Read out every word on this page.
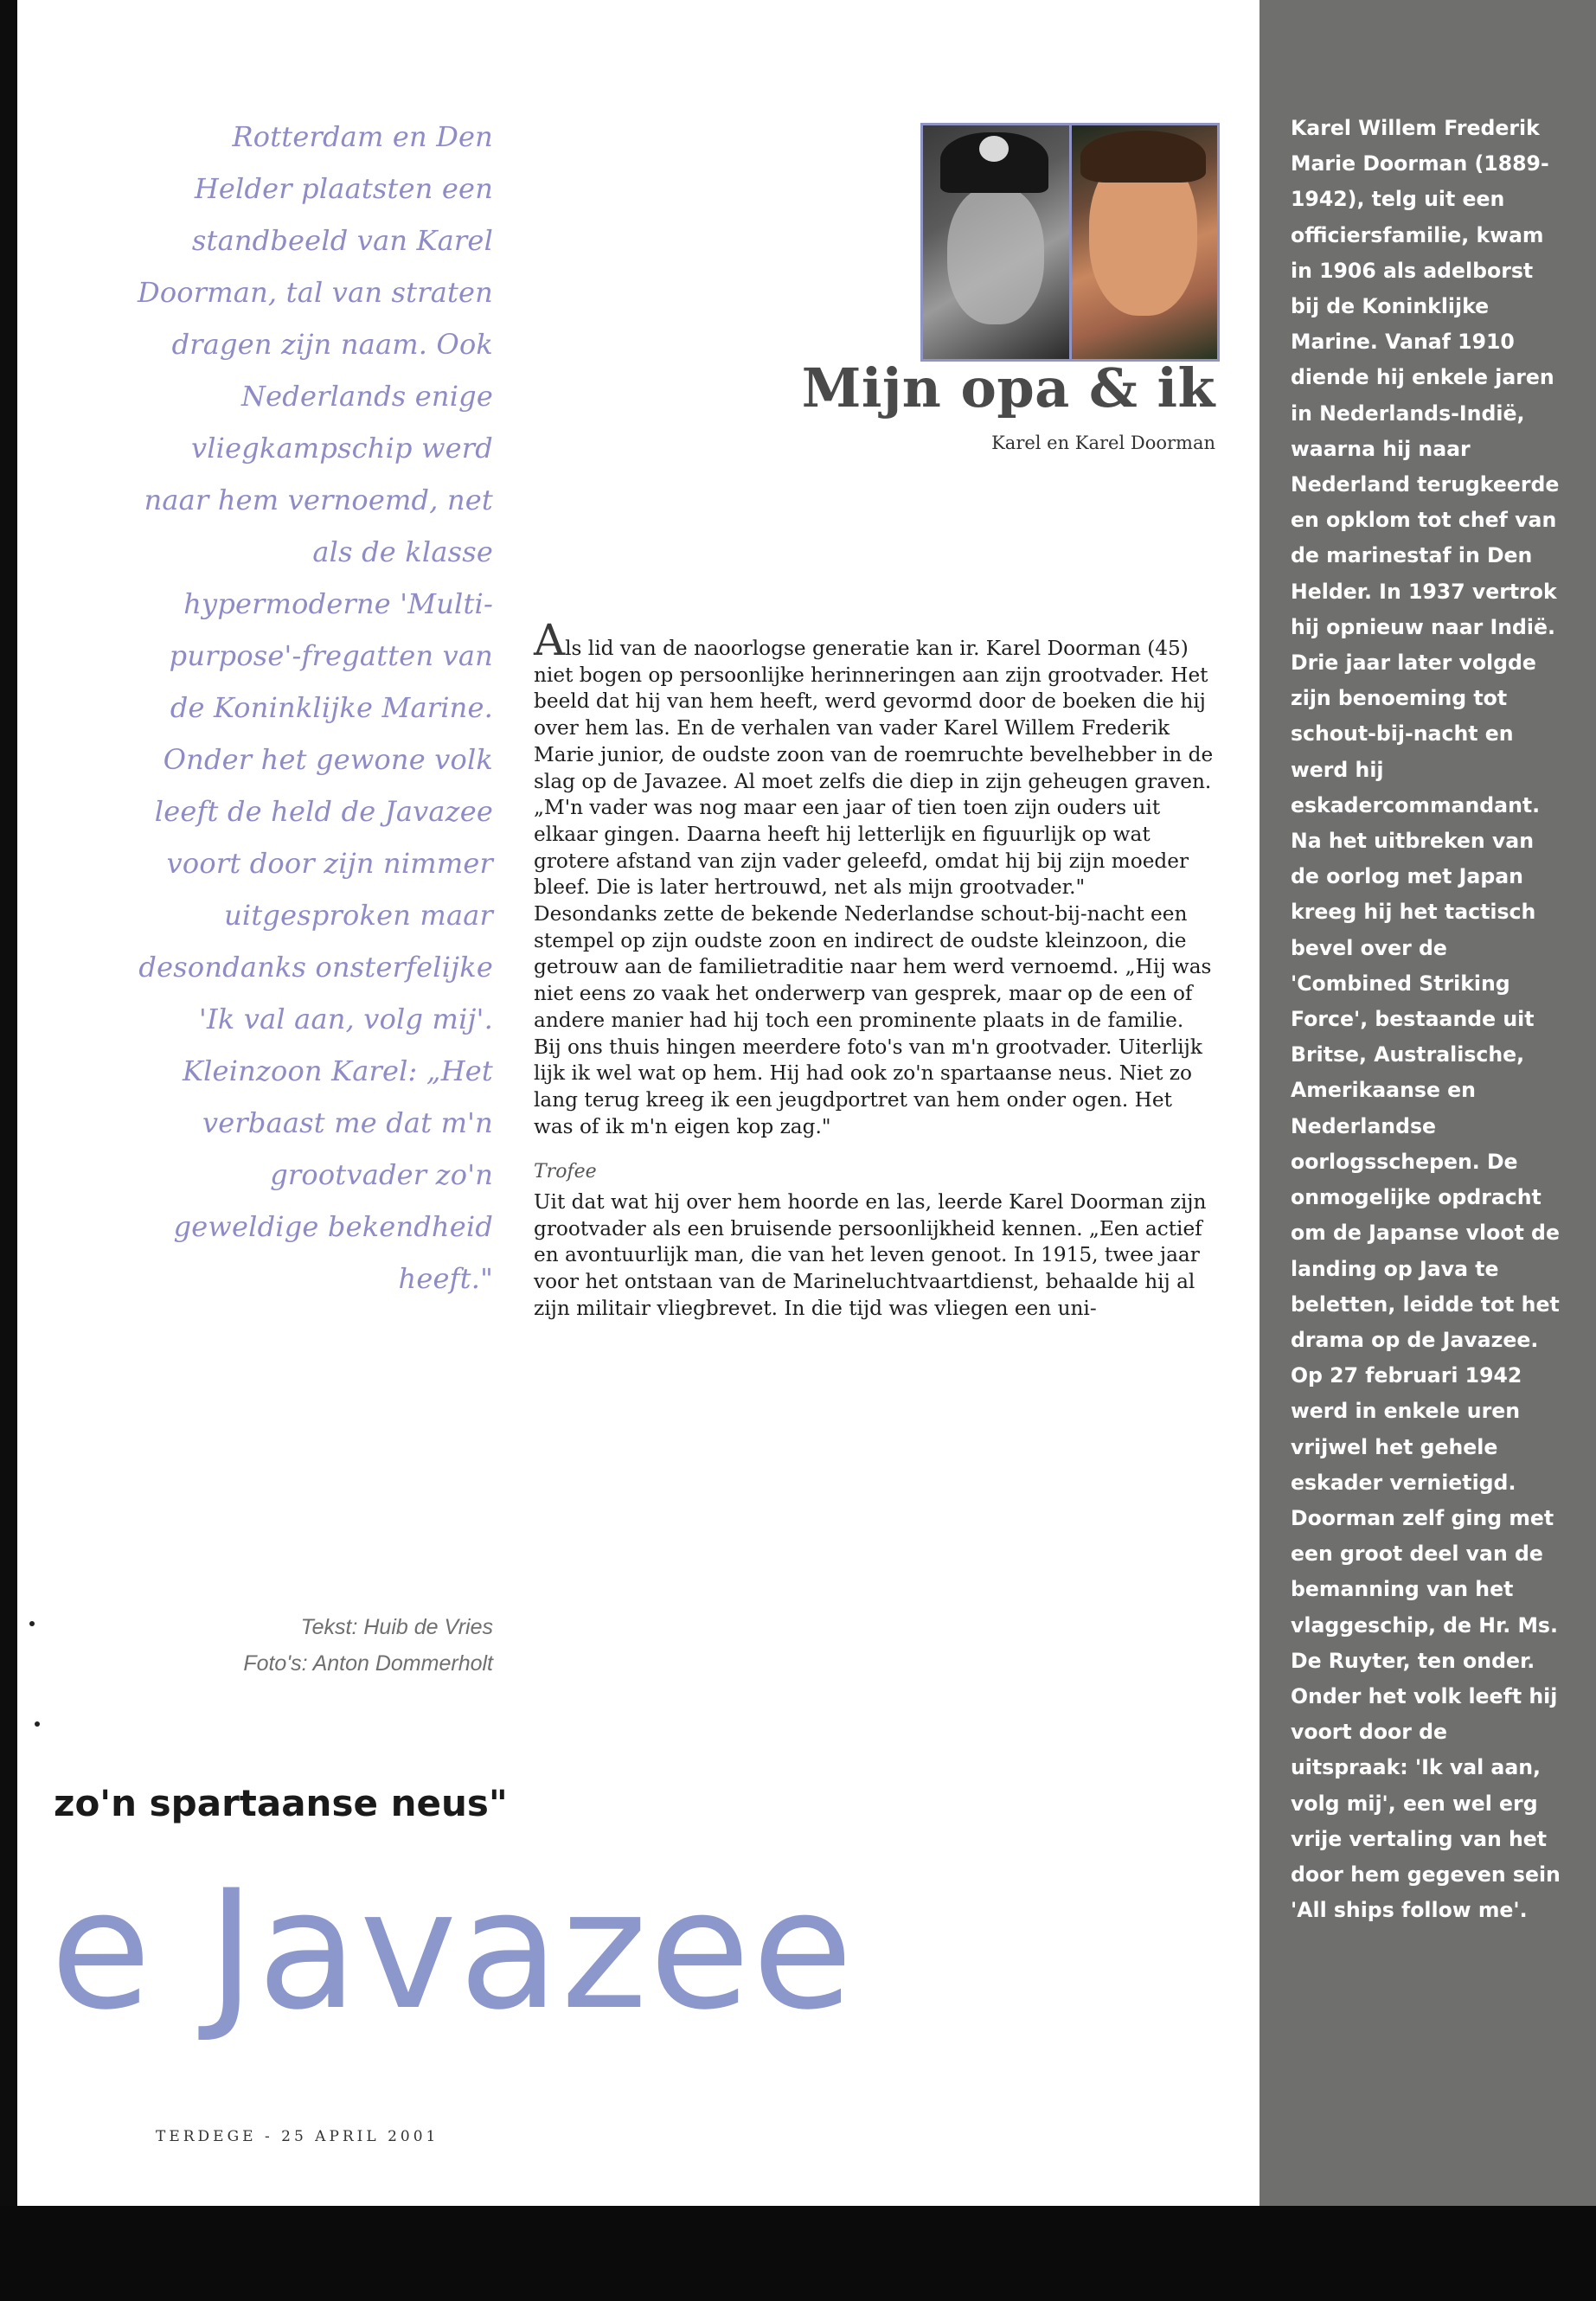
Rotterdam en Den Helder plaatsten een standbeeld van Karel Doorman, tal van straten dragen zijn naam. Ook Nederlands enige vliegkampschip werd naar hem vernoemd, net als de klasse hypermoderne 'Multi-purpose'-fregatten van de Koninklijke Marine. Onder het gewone volk leeft de held de Javazee voort door zijn nimmer uitgesproken maar desondanks onsterfelijke 'Ik val aan, volg mij'. Kleinzoon Karel: „Het verbaast me dat m'n grootvader zo'n geweldige bekendheid heeft."
Tekst: Huib de Vries
Foto's: Anton Dommerholt
Mijn opa & ik
Karel en Karel Doorman

Als lid van de naoorlogse generatie kan ir. Karel Doorman (45) niet bogen op persoonlijke herinneringen aan zijn grootvader. Het beeld dat hij van hem heeft, werd gevormd door de boeken die hij over hem las. En de verhalen van vader Karel Willem Frederik Marie junior, de oudste zoon van de roemruchte bevelhebber in de slag op de Javazee. Al moet zelfs die diep in zijn geheugen graven. „M'n vader was nog maar een jaar of tien toen zijn ouders uit elkaar gingen. Daarna heeft hij letterlijk en figuurlijk op wat grotere afstand van zijn vader geleefd, omdat hij bij zijn moeder bleef. Die is later hertrouwd, net als mijn grootvader."

Desondanks zette de bekende Nederlandse schout-bij-nacht een stempel op zijn oudste zoon en indirect de oudste kleinzoon, die getrouw aan de familietraditie naar hem werd vernoemd. „Hij was niet eens zo vaak het onderwerp van gesprek, maar op de een of andere manier had hij toch een prominente plaats in de familie. Bij ons thuis hingen meerdere foto's van m'n grootvader. Uiterlijk lijk ik wel wat op hem. Hij had ook zo'n spartaanse neus. Niet zo lang terug kreeg ik een jeugdportret van hem onder ogen. Het was of ik m'n eigen kop zag."

Trofee

Uit dat wat hij over hem hoorde en las, leerde Karel Doorman zijn grootvader als een bruisende persoonlijkheid kennen. „Een actief en avontuurlijk man, die van het leven genoot. In 1915, twee jaar voor het ontstaan van de Marineluchtvaartdienst, behaalde hij al zijn militair vliegbrevet. In die tijd was vliegen een uni-

Karel Willem Frederik Marie Doorman (1889-1942), telg uit een officiersfamilie, kwam in 1906 als adelborst bij de Koninklijke Marine. Vanaf 1910 diende hij enkele jaren in Nederlands-Indië, waarna hij naar Nederland terugkeerde en opklom tot chef van de marinestaf in Den Helder. In 1937 vertrok hij opnieuw naar Indië. Drie jaar later volgde zijn benoeming tot schout-bij-nacht en werd hij eskadercommandant. Na het uitbreken van de oorlog met Japan kreeg hij het tactisch bevel over de 'Combined Striking Force', bestaande uit Britse, Australische, Amerikaanse en Nederlandse oorlogsschepen. De onmogelijke opdracht om de Japanse vloot de landing op Java te beletten, leidde tot het drama op de Javazee. Op 27 februari 1942 werd in enkele uren vrijwel het gehele eskader vernietigd. Doorman zelf ging met een groot deel van de bemanning van het vlaggeschip, de Hr. Ms. De Ruyter, ten onder. Onder het volk leeft hij voort door de uitspraak: 'Ik val aan, volg mij', een wel erg vrije vertaling van het door hem gegeven sein 'All ships follow me'.
zo'n spartaanse neus"
e Javazee
TERDEGE - 25 APRIL 2001
